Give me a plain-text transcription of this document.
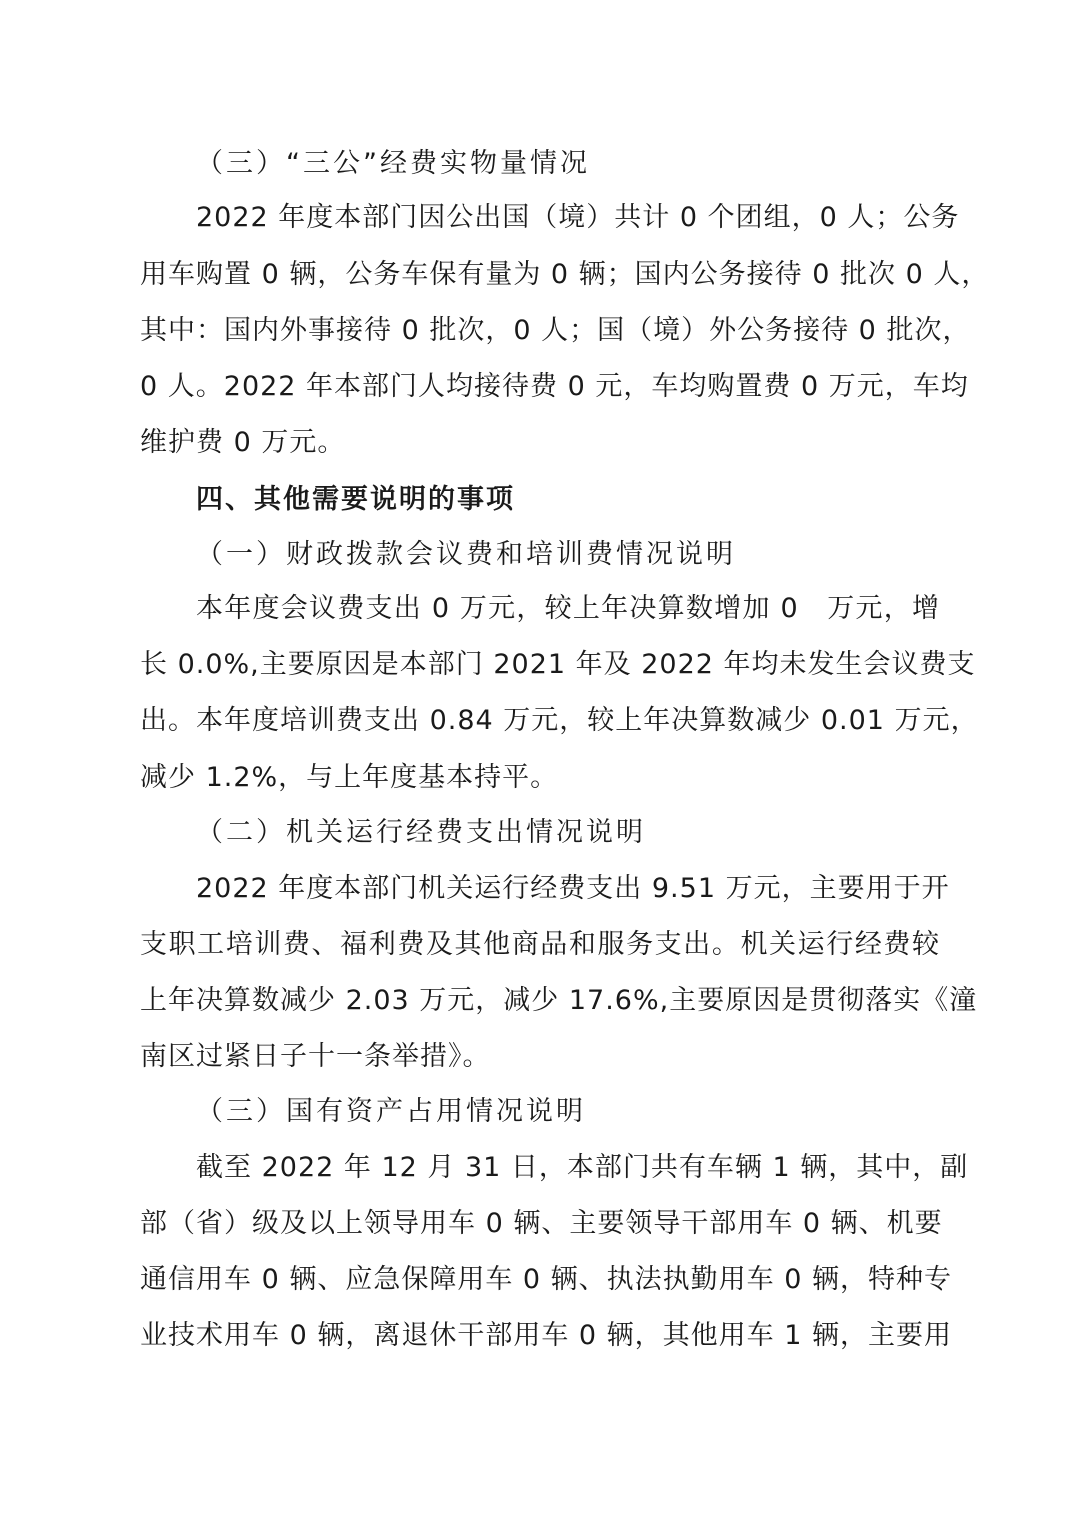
（三）“三公”经费实物量情况
2022 年度本部门因公出国（境）共计 0 个团组，0 人；公务
用车购置 0 辆，公务车保有量为 0 辆；国内公务接待 0 批次 0 人，
其中：国内外事接待 0 批次，0 人；国（境）外公务接待 0 批次，
0 人。2022 年本部门人均接待费 0 元，车均购置费 0 万元，车均
维护费 0 万元。
四、其他需要说明的事项
（一）财政拨款会议费和培训费情况说明
本年度会议费支出 0 万元，较上年决算数增加 0　万元，增
长 0.0%,主要原因是本部门 2021 年及 2022 年均未发生会议费支
出。本年度培训费支出 0.84 万元，较上年决算数减少 0.01 万元，
减少 1.2%，与上年度基本持平。
（二）机关运行经费支出情况说明
2022 年度本部门机关运行经费支出 9.51 万元，主要用于开
支职工培训费、福利费及其他商品和服务支出。机关运行经费较
上年决算数减少 2.03 万元，减少 17.6%,主要原因是贯彻落实《潼
南区过紧日子十一条举措》。
（三）国有资产占用情况说明
截至 2022 年 12 月 31 日，本部门共有车辆 1 辆，其中，副
部（省）级及以上领导用车 0 辆、主要领导干部用车 0 辆、机要
通信用车 0 辆、应急保障用车 0 辆、执法执勤用车 0 辆，特种专
业技术用车 0 辆，离退休干部用车 0 辆，其他用车 1 辆，主要用
